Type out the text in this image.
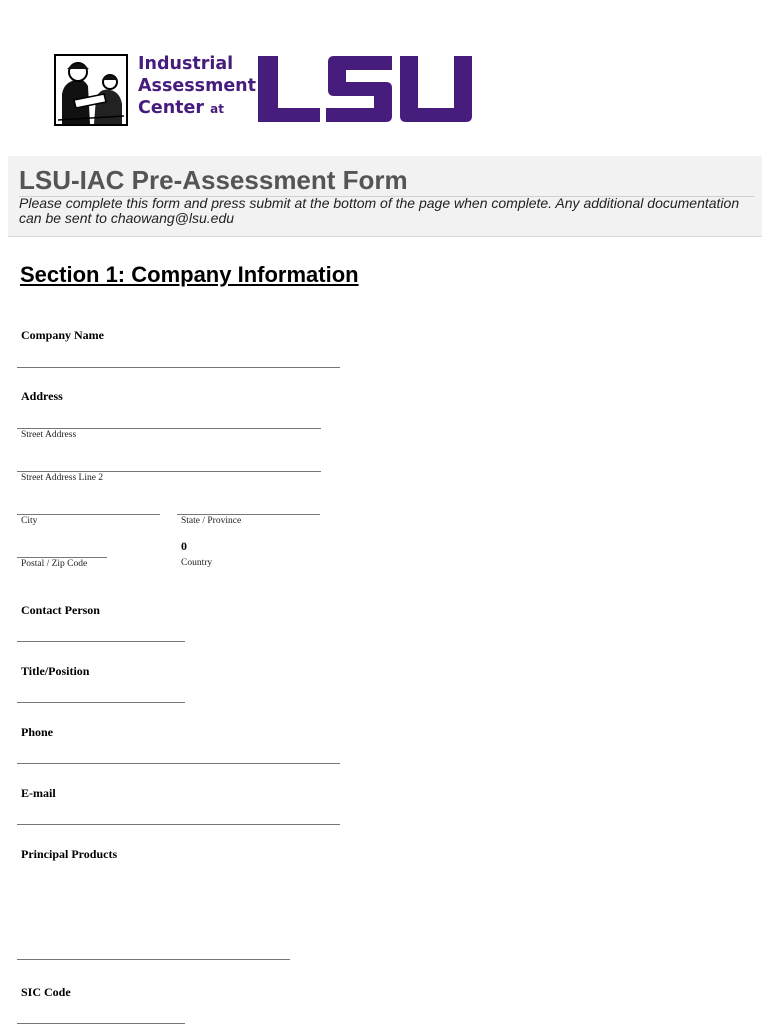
Industrial
Assessment
Center at
LSU-IAC Pre-Assessment Form
Please complete this form and press submit at the bottom of the page when complete. Any additional documentation can be sent to chaowang@lsu.edu
Section 1: Company Information
Company Name
Address
Street Address
Street Address Line 2
City	State / Province
Postal / Zip Code
0
Country
Contact Person
Title/Position
Phone
E-mail
Principal Products
SIC Code
